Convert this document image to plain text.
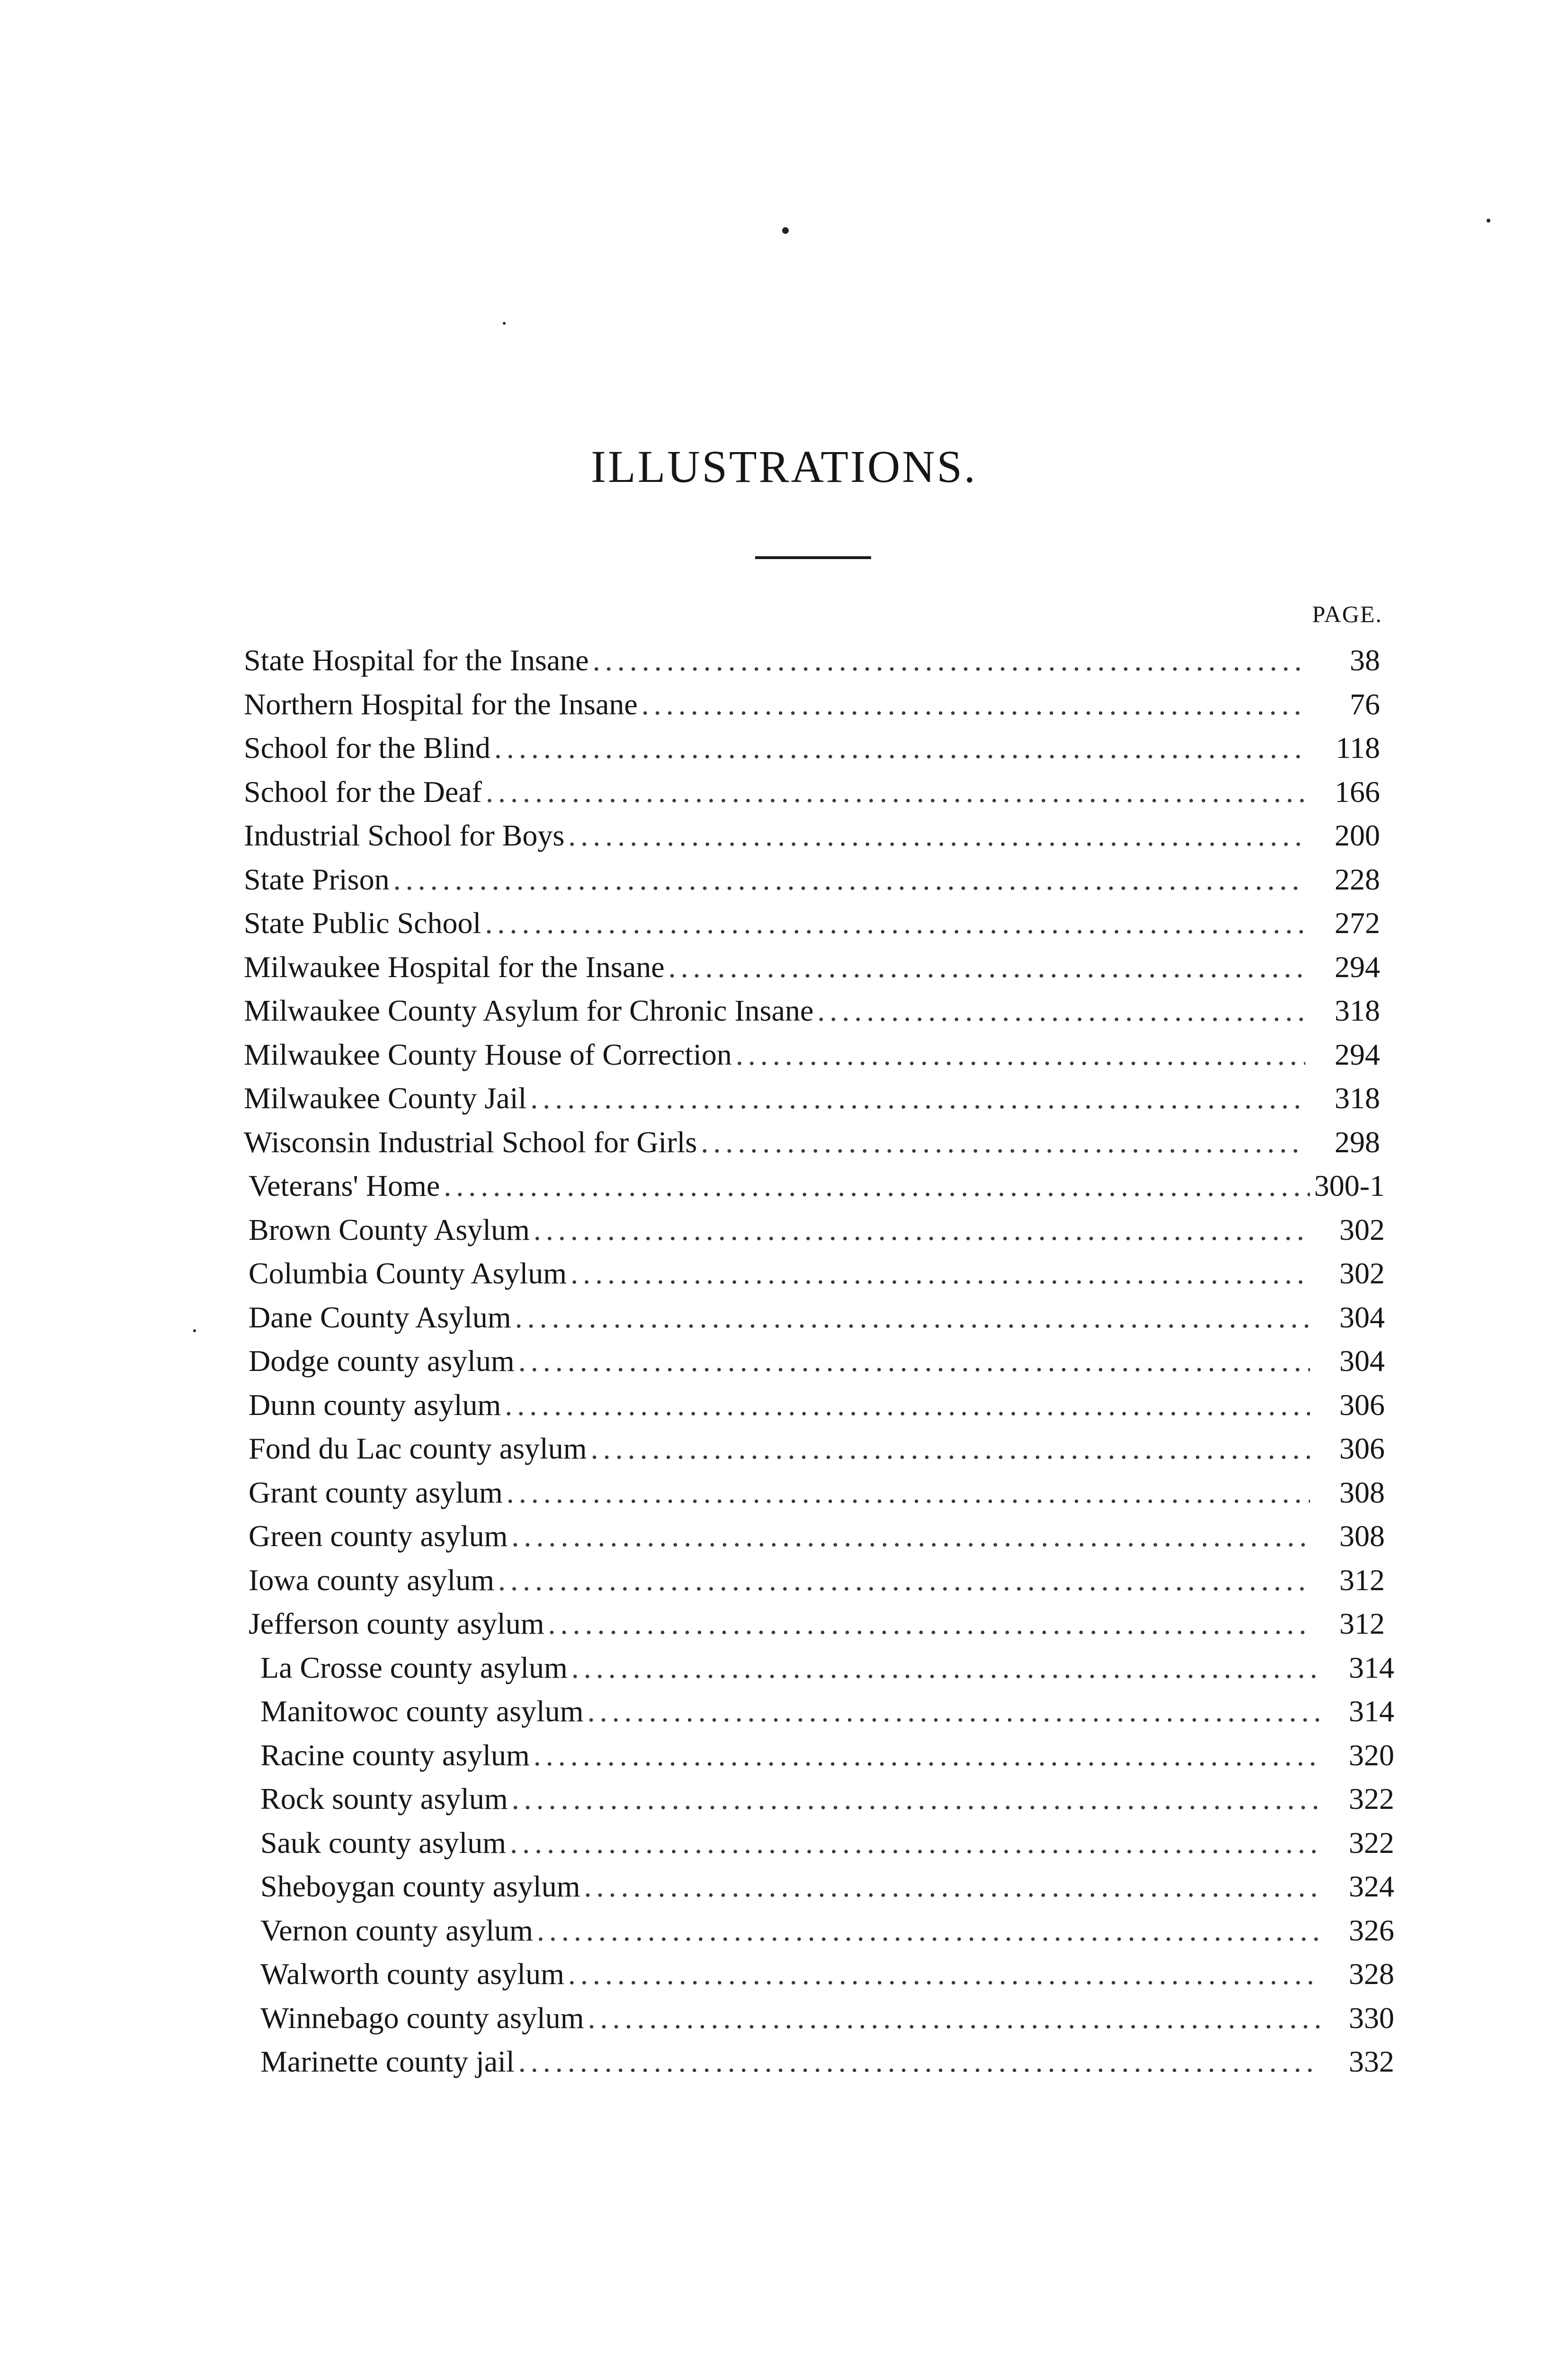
ILLUSTRATIONS.
PAGE.
State Hospital for the Insane .....	38
Northern Hospital for the Insane .....	76
School for the Blind .....	118
School for the Deaf .....	166
Industrial School for Boys .....	200
State Prison .....	228
State Public School .....	272
Milwaukee Hospital for the Insane .....	294
Milwaukee County Asylum for Chronic Insane .....	318
Milwaukee County House of Correction .....	294
Milwaukee County Jail .....	318
Wisconsin Industrial School for Girls .....	298
Veterans' Home .....	300-1
Brown County Asylum .....	302
Columbia County Asylum .....	302
Dane County Asylum .....	304
Dodge county asylum .....	304
Dunn county asylum .....	306
Fond du Lac county asylum .....	306
Grant county asylum .....	308
Green county asylum .....	308
Iowa county asylum .....	312
Jefferson county asylum .....	312
La Crosse county asylum .....	314
Manitowoc county asylum .....	314
Racine county asylum .....	320
Rock sounty asylum .....	322
Sauk county asylum .....	322
Sheboygan county asylum .....	324
Vernon county asylum .....	326
Walworth county asylum .....	328
Winnebago county asylum .....	330
Marinette county jail .....	332
